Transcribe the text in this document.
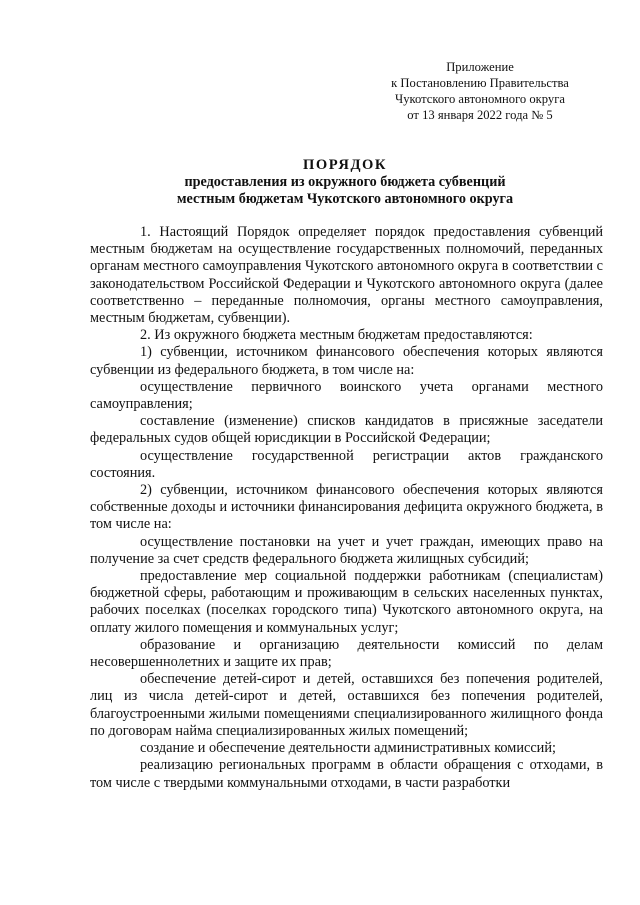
Приложение
к Постановлению Правительства
Чукотского автономного округа
от 13 января 2022 года № 5
ПОРЯДОК
предоставления из окружного бюджета субвенций
местным бюджетам Чукотского автономного округа

1. Настоящий Порядок определяет порядок предоставления субвенций местным бюджетам на осуществление государственных полномочий, переданных органам местного самоуправления Чукотского автономного округа в соответствии с законодательством Российской Федерации и Чукотского автономного округа (далее соответственно – переданные полномочия, органы местного самоуправления, местным бюджетам, субвенции).

2. Из окружного бюджета местным бюджетам предоставляются:

1) субвенции, источником финансового обеспечения которых являются субвенции из федерального бюджета, в том числе на:

осуществление первичного воинского учета органами местного самоуправления;

составление (изменение) списков кандидатов в присяжные заседатели федеральных судов общей юрисдикции в Российской Федерации;

осуществление государственной регистрации актов гражданского состояния.

2) субвенции, источником финансового обеспечения которых являются собственные доходы и источники финансирования дефицита окружного бюджета, в том числе на:

осуществление постановки на учет и учет граждан, имеющих право на получение за счет средств федерального бюджета жилищных субсидий;

предоставление мер социальной поддержки работникам (специалистам) бюджетной сферы, работающим и проживающим в сельских населенных пунктах, рабочих поселках (поселках городского типа) Чукотского автономного округа, на оплату жилого помещения и коммунальных услуг;

образование и организацию деятельности комиссий по делам несовершеннолетних и защите их прав;

обеспечение детей-сирот и детей, оставшихся без попечения родителей, лиц из числа детей-сирот и детей, оставшихся без попечения родителей, благоустроенными жилыми помещениями специализированного жилищного фонда по договорам найма специализированных жилых помещений;

создание и обеспечение деятельности административных комиссий;

реализацию региональных программ в области обращения с отходами, в том числе с твердыми коммунальными отходами, в части разработки
